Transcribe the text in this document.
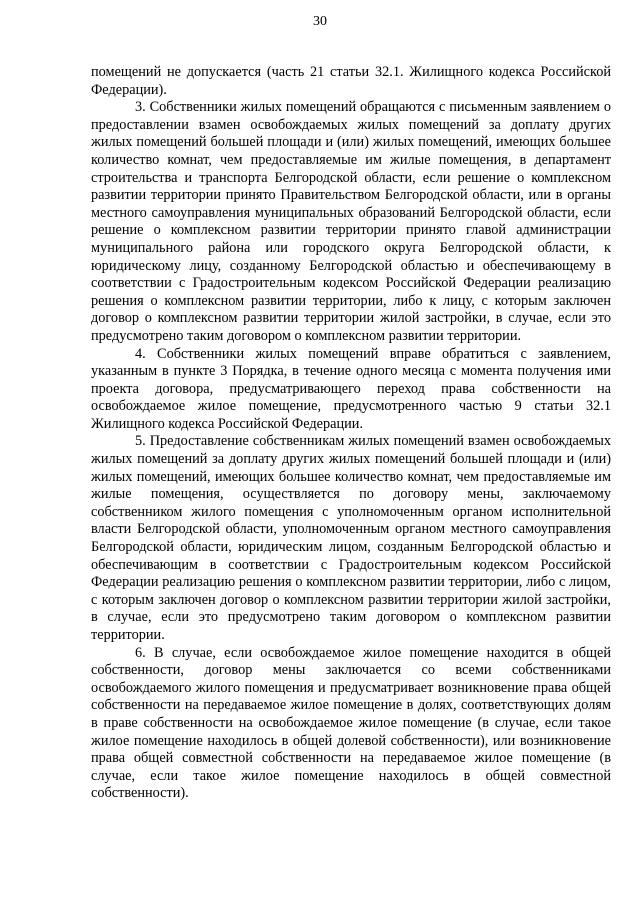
30

помещений не допускается (часть 21 статьи 32.1. Жилищного кодекса Российской Федерации).

3. Собственники жилых помещений обращаются с письменным заявлением о предоставлении взамен освобождаемых жилых помещений за доплату других жилых помещений большей площади и (или) жилых помещений, имеющих большее количество комнат, чем предоставляемые им жилые помещения, в департамент строительства и транспорта Белгородской области, если решение о комплексном развитии территории принято Правительством Белгородской области, или в органы местного самоуправления муниципальных образований Белгородской области, если решение о комплексном развитии территории принято главой администрации муниципального района или городского округа Белгородской области, к юридическому лицу, созданному Белгородской областью и обеспечивающему в соответствии с Градостроительным кодексом Российской Федерации реализацию решения о комплексном развитии территории, либо к лицу, с которым заключен договор о комплексном развитии территории жилой застройки, в случае, если это предусмотрено таким договором о комплексном развитии территории.

4. Собственники жилых помещений вправе обратиться с заявлением, указанным в пункте 3 Порядка, в течение одного месяца с момента получения ими проекта договора, предусматривающего переход права собственности на освобождаемое жилое помещение, предусмотренного частью 9 статьи 32.1 Жилищного кодекса Российской Федерации.

5. Предоставление собственникам жилых помещений взамен освобождаемых жилых помещений за доплату других жилых помещений большей площади и (или) жилых помещений, имеющих большее количество комнат, чем предоставляемые им жилые помещения, осуществляется по договору мены, заключаемому собственником жилого помещения с уполномоченным органом исполнительной власти Белгородской области, уполномоченным органом местного самоуправления Белгородской области, юридическим лицом, созданным Белгородской областью и обеспечивающим в соответствии с Градостроительным кодексом Российской Федерации реализацию решения о комплексном развитии территории, либо с лицом, с которым заключен договор о комплексном развитии территории жилой застройки, в случае, если это предусмотрено таким договором о комплексном развитии территории.

6. В случае, если освобождаемое жилое помещение находится в общей собственности, договор мены заключается со всеми собственниками освобождаемого жилого помещения и предусматривает возникновение права общей собственности на передаваемое жилое помещение в долях, соответствующих долям в праве собственности на освобождаемое жилое помещение (в случае, если такое жилое помещение находилось в общей долевой собственности), или возникновение права общей совместной собственности на передаваемое жилое помещение (в случае, если такое жилое помещение находилось в общей совместной собственности).
